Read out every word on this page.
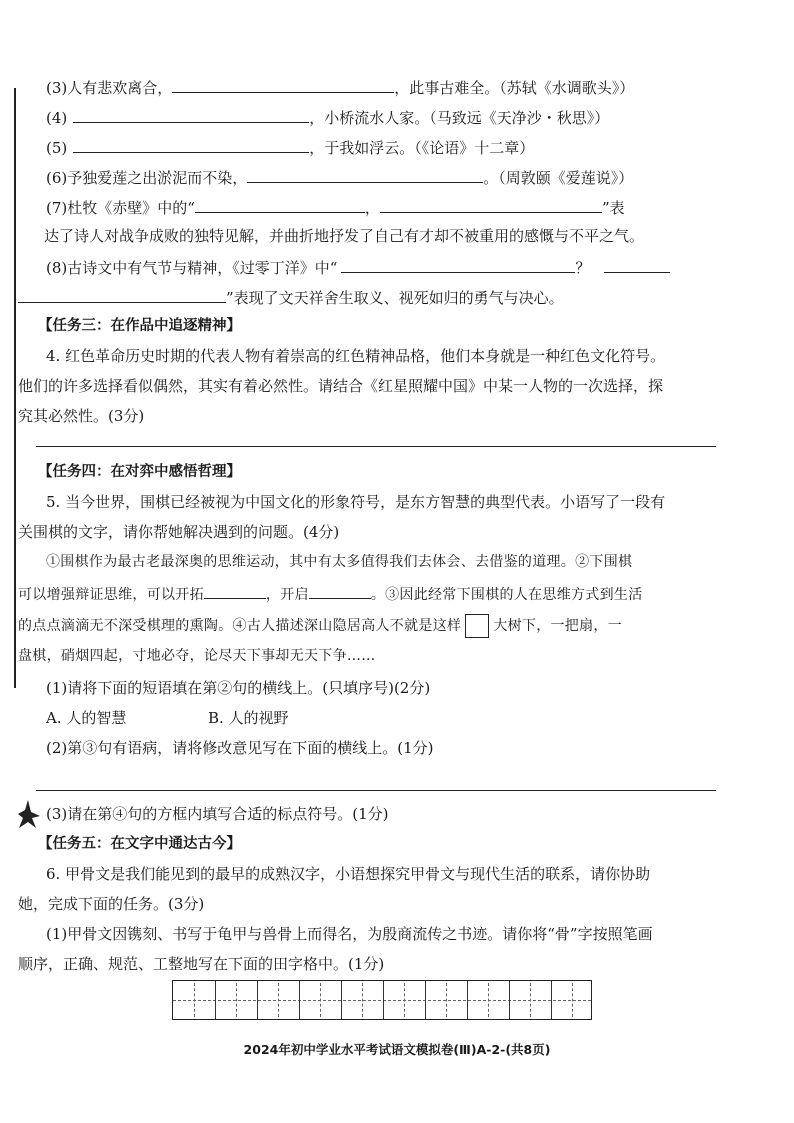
(3)人有悲欢离合，	，此事古难全。（苏轼《水调歌头》）
(4)	，小桥流水人家。（马致远《天净沙・秋思》）
(5)	，于我如浮云。（《论语》十二章）
(6)予独爱莲之出淤泥而不染，	。（周敦颐《爱莲说》）
(7)杜牧《赤壁》中的“	，	”表
达了诗人对战争成败的独特见解，并曲折地抒发了自己有才却不被重用的感慨与不平之气。
(8)古诗文中有气节与精神，《过零丁洋》中“	？
”表现了文天祥舍生取义、视死如归的勇气与决心。
【任务三：在作品中追逐精神】
4. 红色革命历史时期的代表人物有着崇高的红色精神品格，他们本身就是一种红色文化符号。
他们的许多选择看似偶然，其实有着必然性。请结合《红星照耀中国》中某一人物的一次选择，探
究其必然性。(3分)
【任务四：在对弈中感悟哲理】
5. 当今世界，围棋已经被视为中国文化的形象符号，是东方智慧的典型代表。小语写了一段有
关围棋的文字，请你帮她解决遇到的问题。(4分)
①围棋作为最古老最深奥的思维运动，其中有太多值得我们去体会、去借鉴的道理。②下围棋
可以增强辩证思维，可以开拓	，开启	。③因此经常下围棋的人在思维方式到生活
的点点滴滴无不深受棋理的熏陶。④古人描述深山隐居高人不就是这样 大树下，一把扇，一
盘棋，硝烟四起，寸地必夺，论尽天下事却无天下争……
(1)请将下面的短语填在第②句的横线上。(只填序号)(2分)
A. 人的智慧	B. 人的视野
(2)第③句有语病，请将修改意见写在下面的横线上。(1分)
(3)请在第④句的方框内填写合适的标点符号。(1分)
【任务五：在文字中通达古今】
6. 甲骨文是我们能见到的最早的成熟汉字，小语想探究甲骨文与现代生活的联系，请你协助
她，完成下面的任务。(3分)
(1)甲骨文因镌刻、书写于龟甲与兽骨上而得名，为殷商流传之书迹。请你将“骨”字按照笔画
顺序，正确、规范、工整地写在下面的田字格中。(1分)
2024年初中学业水平考试语文模拟卷(Ⅲ)A-2-(共8页)
